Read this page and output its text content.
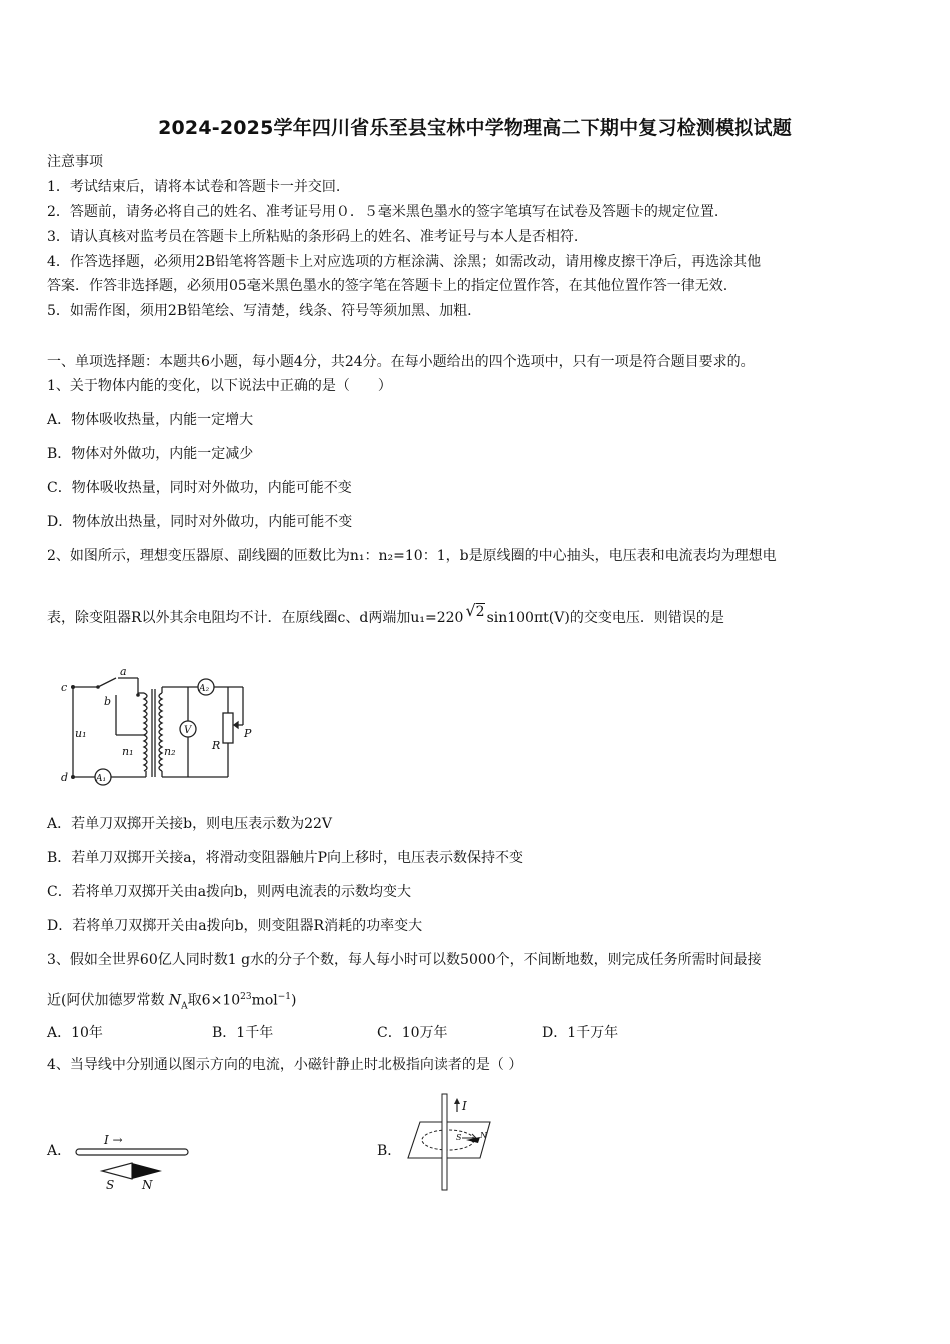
2024-2025学年四川省乐至县宝林中学物理高二下期中复习检测模拟试题
注意事项
1．考试结束后，请将本试卷和答题卡一并交回.
2．答题前，请务必将自己的姓名、准考证号用０．５毫米黑色墨水的签字笔填写在试卷及答题卡的规定位置.
3．请认真核对监考员在答题卡上所粘贴的条形码上的姓名、准考证号与本人是否相符.
4．作答选择题，必须用2B铅笔将答题卡上对应选项的方框涂满、涂黑；如需改动，请用橡皮擦干净后，再选涂其他
答案．作答非选择题，必须用05毫米黑色墨水的签字笔在答题卡上的指定位置作答，在其他位置作答一律无效.
5．如需作图，须用2B铅笔绘、写清楚，线条、符号等须加黑、加粗.
一、单项选择题：本题共6小题，每小题4分，共24分。在每小题给出的四个选项中，只有一项是符合题目要求的。
1、关于物体内能的变化，以下说法中正确的是（　　）
A．物体吸收热量，内能一定增大
B．物体对外做功，内能一定减少
C．物体吸收热量，同时对外做功，内能可能不变
D．物体放出热量，同时对外做功，内能可能不变
2、如图所示，理想变压器原、副线圈的匝数比为n₁：n₂=10：1，b是原线圈的中心抽头，电压表和电流表均为理想电
表，除变阻器R以外其余电阻均不计．在原线圈c、d两端加u₁=220 √2 sin100πt(V)的交变电压．则错误的是
c
a
b
u₁
n₁	n₂
d	A₁
A₂
V
R
P
A．若单刀双掷开关接b，则电压表示数为22V
B．若单刀双掷开关接a，将滑动变阻器触片P向上移时，电压表示数保持不变
C．若将单刀双掷开关由a拨向b，则两电流表的示数均变大
D．若将单刀双掷开关由a拨向b，则变阻器R消耗的功率变大
3、假如全世界60亿人同时数1 g水的分子个数，每人每小时可以数5000个，不间断地数，则完成任务所需时间最接
近(阿伏加德罗常数 $N_A$取$6\times 10^{23}mol^{-1}$)
A．10年	B．1千年	C．10万年	D．1千万年
4、当导线中分别通以图示方向的电流，小磁针静止时北极指向读者的是（ ）
A．
I →
S N
B．
I
S N
